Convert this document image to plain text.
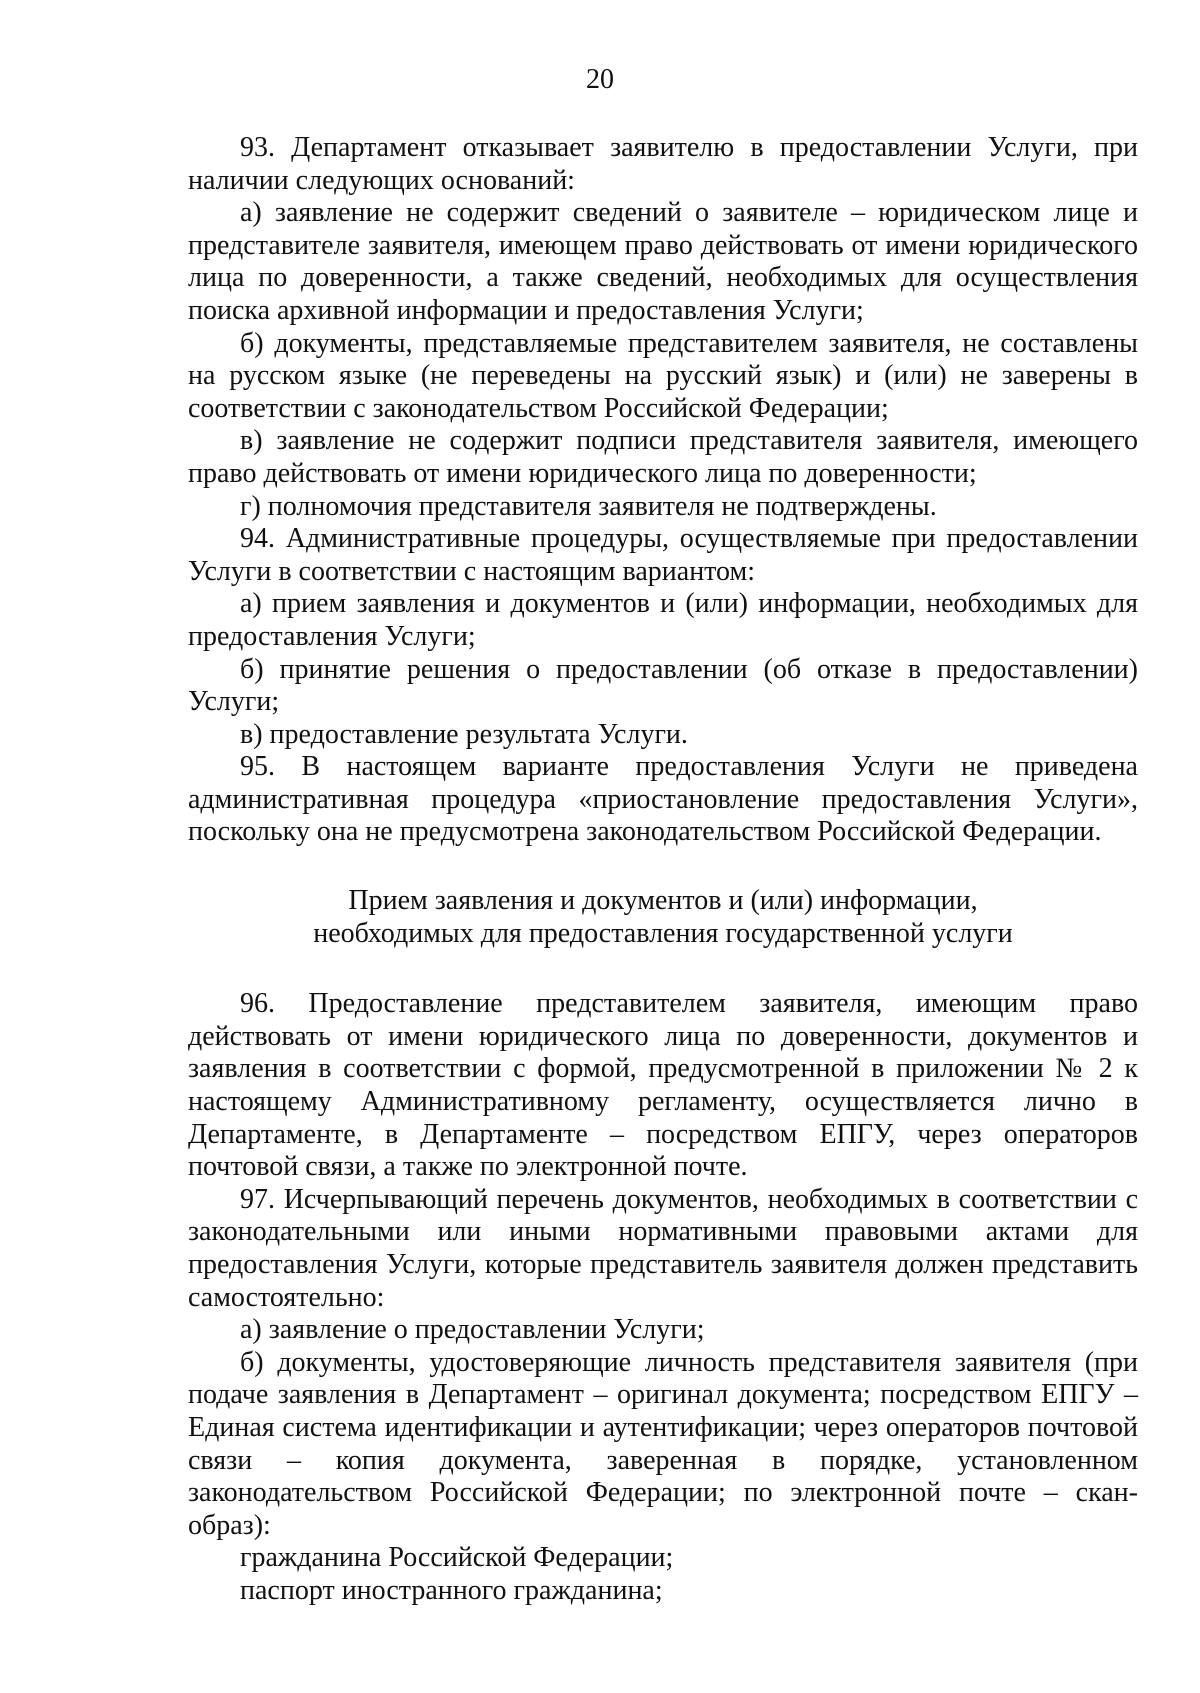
20

93. Департамент отказывает заявителю в предоставлении Услуги, при наличии следующих оснований:

а) заявление не содержит сведений о заявителе – юридическом лице и представителе заявителя, имеющем право действовать от имени юридического лица по доверенности, а также сведений, необходимых для осуществления поиска архивной информации и предоставления Услуги;

б) документы, представляемые представителем заявителя, не составлены на русском языке (не переведены на русский язык) и (или) не заверены в соответствии с законодательством Российской Федерации;

в) заявление не содержит подписи представителя заявителя, имеющего право действовать от имени юридического лица по доверенности;

г) полномочия представителя заявителя не подтверждены.

94. Административные процедуры, осуществляемые при предоставлении Услуги в соответствии с настоящим вариантом:

а) прием заявления и документов и (или) информации, необходимых для предоставления Услуги;

б) принятие решения о предоставлении (об отказе в предоставлении) Услуги;

в) предоставление результата Услуги.

95. В настоящем варианте предоставления Услуги не приведена административная процедура «приостановление предоставления Услуги», поскольку она не предусмотрена законодательством Российской Федерации.

Прием заявления и документов и (или) информации,
необходимых для предоставления государственной услуги

96. Предоставление представителем заявителя, имеющим право действовать от имени юридического лица по доверенности, документов и заявления в соответствии с формой, предусмотренной в приложении № 2 к настоящему Административному регламенту, осуществляется лично в Департаменте, в Департаменте – посредством ЕПГУ, через операторов почтовой связи, а также по электронной почте.

97. Исчерпывающий перечень документов, необходимых в соответствии с законодательными или иными нормативными правовыми актами для предоставления Услуги, которые представитель заявителя должен представить самостоятельно:

а) заявление о предоставлении Услуги;

б) документы, удостоверяющие личность представителя заявителя (при подаче заявления в Департамент – оригинал документа; посредством ЕПГУ – Единая система идентификации и аутентификации; через операторов почтовой связи – копия документа, заверенная в порядке, установленном законодательством Российской Федерации; по электронной почте – скан-образ):

гражданина Российской Федерации;

паспорт иностранного гражданина;
